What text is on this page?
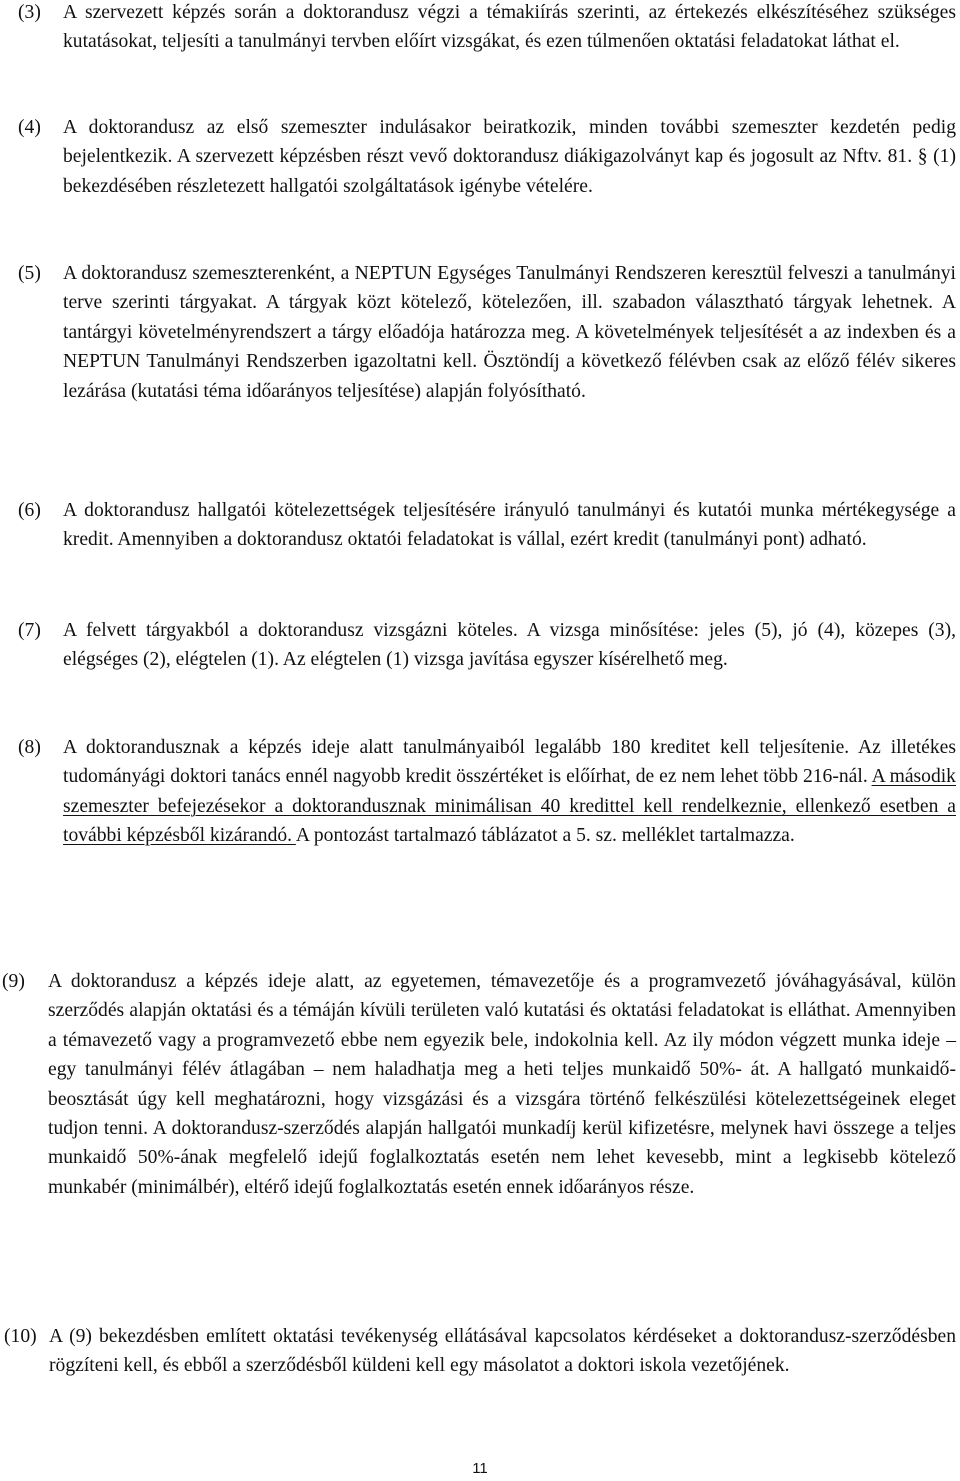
(3) A szervezett képzés során a doktorandusz végzi a témakiírás szerinti, az értekezés elkészítéséhez szükséges kutatásokat, teljesíti a tanulmányi tervben előírt vizsgákat, és ezen túlmenően oktatási feladatokat láthat el.

(4) A doktorandusz az első szemeszter indulásakor beiratkozik, minden további szemeszter kezdetén pedig bejelentkezik. A szervezett képzésben részt vevő doktorandusz diákigazolványt kap és jogosult az Nftv. 81. § (1) bekezdésében részletezett hallgatói szolgáltatások igénybe vételére.

(5) A doktorandusz szemeszterenként, a NEPTUN Egységes Tanulmányi Rendszeren keresztül felveszi a tanulmányi terve szerinti tárgyakat. A tárgyak közt kötelező, kötelezően, ill. szabadon választható tárgyak lehetnek. A tantárgyi követelményrendszert a tárgy előadója határozza meg. A követelmények teljesítését a az indexben és a NEPTUN Tanulmányi Rendszerben igazoltatni kell. Ösztöndíj a következő félévben csak az előző félév sikeres lezárása (kutatási téma időarányos teljesítése) alapján folyósítható.

(6) A doktorandusz hallgatói kötelezettségek teljesítésére irányuló tanulmányi és kutatói munka mértékegysége a kredit. Amennyiben a doktorandusz oktatói feladatokat is vállal, ezért kredit (tanulmányi pont) adható.

(7) A felvett tárgyakból a doktorandusz vizsgázni köteles. A vizsga minősítése: jeles (5), jó (4), közepes (3), elégséges (2), elégtelen (1). Az elégtelen (1) vizsga javítása egyszer kísérelhető meg.

(8) A doktorandusznak a képzés ideje alatt tanulmányaiból legalább 180 kreditet kell teljesítenie. Az illetékes tudományági doktori tanács ennél nagyobb kredit összértéket is előírhat, de ez nem lehet több 216-nál. A második szemeszter befejezésekor a doktorandusznak minimálisan 40 kredittel kell rendelkeznie, ellenkező esetben a további képzésből kizárandó. A pontozást tartalmazó táblázatot a 5. sz. melléklet tartalmazza.

(9) A doktorandusz a képzés ideje alatt, az egyetemen, témavezetője és a programvezető jóváhagyásával, külön szerződés alapján oktatási és a témáján kívüli területen való kutatási és oktatási feladatokat is elláthat. Amennyiben a témavezető vagy a programvezető ebbe nem egyezik bele, indokolnia kell. Az ily módon végzett munka ideje – egy tanulmányi félév átlagában – nem haladhatja meg a heti teljes munkaidő 50%- át. A hallgató munkaidő-beosztását úgy kell meghatározni, hogy vizsgázási és a vizsgára történő felkészülési kötelezettségeinek eleget tudjon tenni. A doktorandusz-szerződés alapján hallgatói munkadíj kerül kifizetésre, melynek havi összege a teljes munkaidő 50%-ának megfelelő idejű foglalkoztatás esetén nem lehet kevesebb, mint a legkisebb kötelező munkabér (minimálbér), eltérő idejű foglalkoztatás esetén ennek időarányos része.

(10) A (9) bekezdésben említett oktatási tevékenység ellátásával kapcsolatos kérdéseket a doktorandusz-szerződésben rögzíteni kell, és ebből a szerződésből küldeni kell egy másolatot a doktori iskola vezetőjének.

11
